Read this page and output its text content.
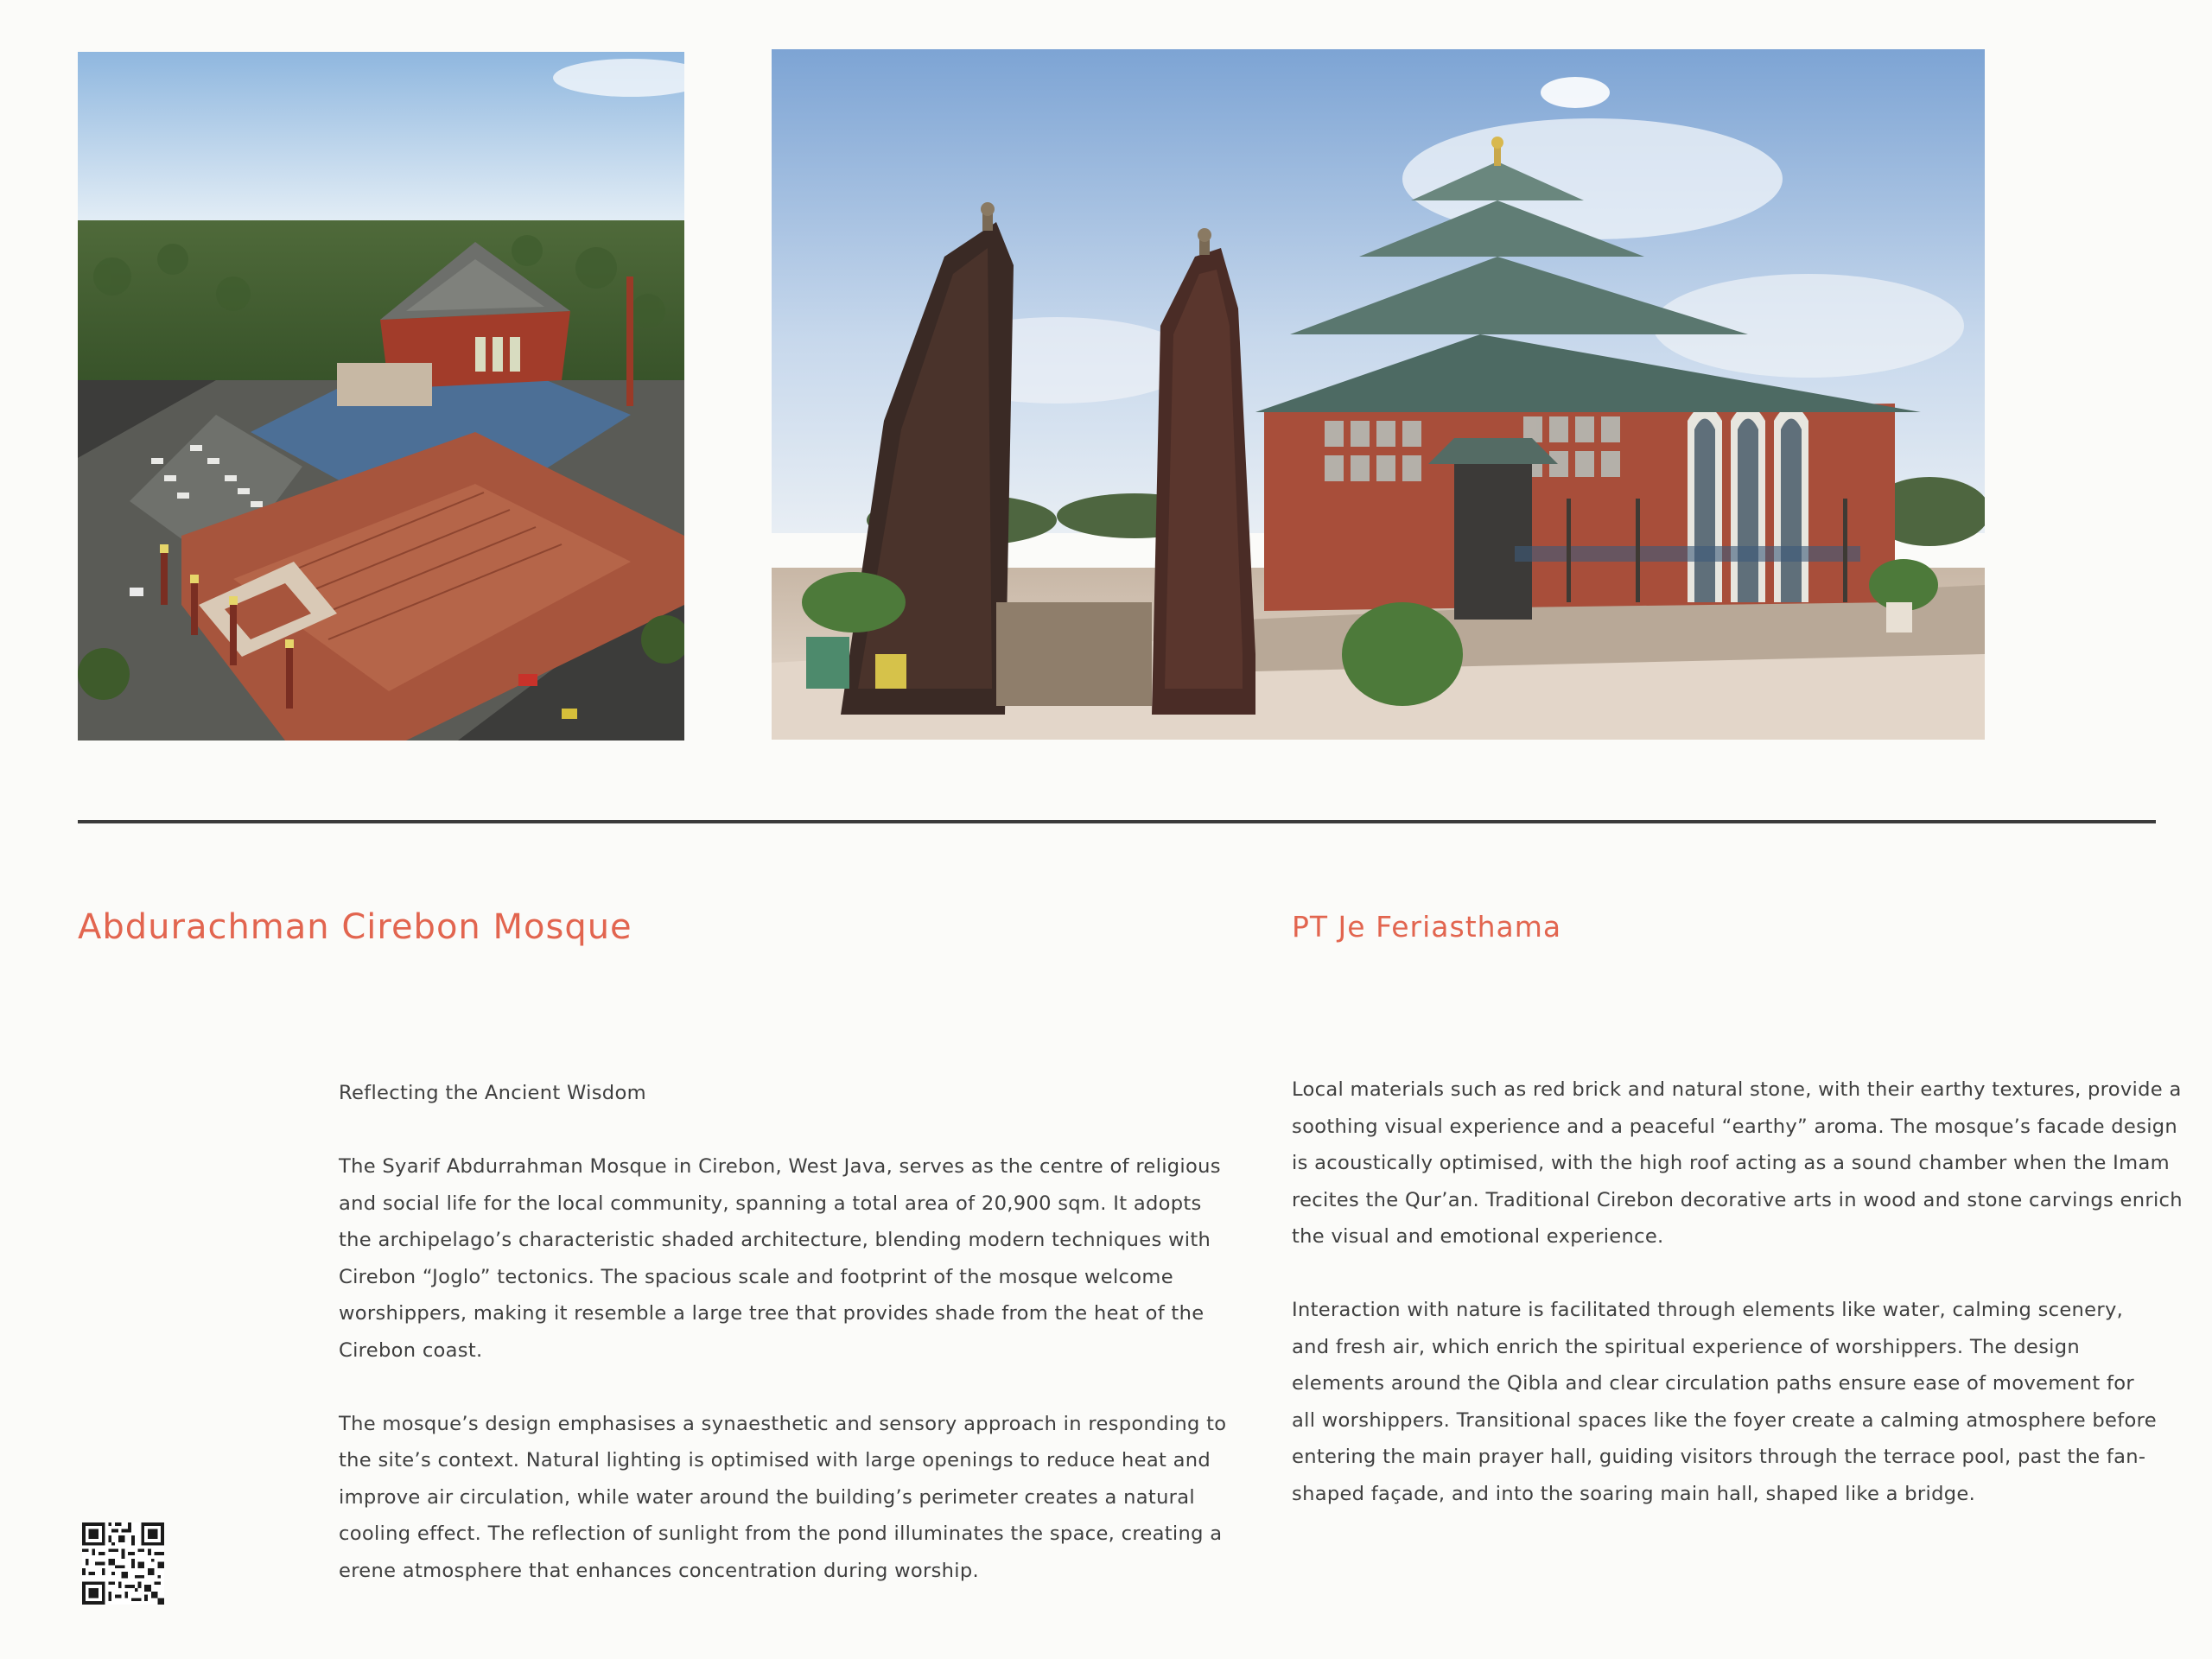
Abdurachman Cirebon Mosque	PT Je Feriasthama

Reflecting the Ancient Wisdom

The Syarif Abdurrahman Mosque in Cirebon, West Java, serves as the centre of religious
and social life for the local community, spanning a total area of 20,900 sqm. It adopts
the archipelago’s characteristic shaded architecture, blending modern techniques with
Cirebon “Joglo” tectonics. The spacious scale and footprint of the mosque welcome
worshippers, making it resemble a large tree that provides shade from the heat of the
Cirebon coast.

The mosque’s design emphasises a synaesthetic and sensory approach in responding to
the site’s context. Natural lighting is optimised with large openings to reduce heat and
improve air circulation, while water around the building’s perimeter creates a natural
cooling effect. The reflection of sunlight from the pond illuminates the space, creating a
erene atmosphere that enhances concentration during worship.

Local materials such as red brick and natural stone, with their earthy textures, provide a
soothing visual experience and a peaceful “earthy” aroma. The mosque’s facade design
is acoustically optimised, with the high roof acting as a sound chamber when the Imam
recites the Qur’an. Traditional Cirebon decorative arts in wood and stone carvings enrich
the visual and emotional experience.

Interaction with nature is facilitated through elements like water, calming scenery,
and fresh air, which enrich the spiritual experience of worshippers. The design
elements around the Qibla and clear circulation paths ensure ease of movement for
all worshippers. Transitional spaces like the foyer create a calming atmosphere before
entering the main prayer hall, guiding visitors through the terrace pool, past the fan-
shaped façade, and into the soaring main hall, shaped like a bridge.
